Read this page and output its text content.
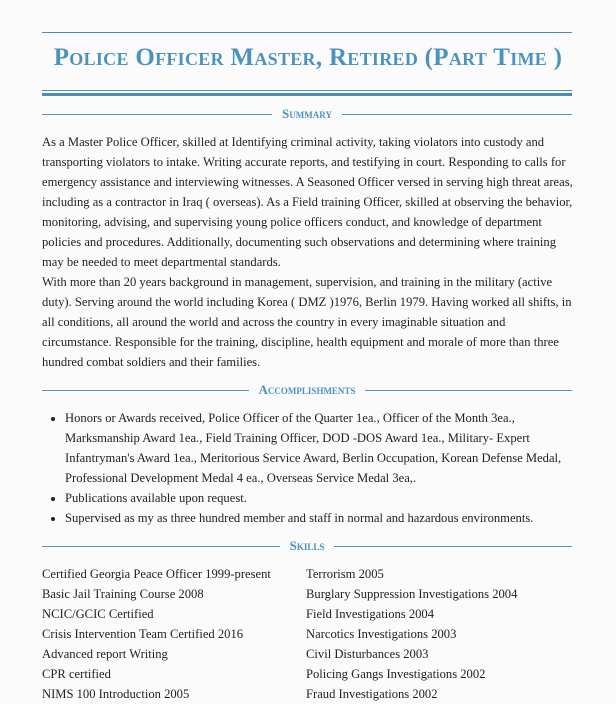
Police Officer Master, Retired (Part Time )
Summary

As a Master Police Officer, skilled at Identifying criminal activity, taking violators into custody and transporting violators to intake. Writing accurate reports, and testifying in court. Responding to calls for emergency assistance and interviewing witnesses. A Seasoned Officer versed in serving high threat areas, including as a contractor in Iraq ( overseas). As a Field training Officer, skilled at observing the behavior, monitoring, advising, and supervising young police officers conduct, and knowledge of department policies and procedures. Additionally, documenting such observations and determining where training may be needed to meet departmental standards.

With more than 20 years background in management, supervision, and training in the military (active duty). Serving around the world including Korea ( DMZ )1976, Berlin 1979. Having worked all shifts, in all conditions, all around the world and across the country in every imaginable situation and circumstance. Responsible for the training, discipline, health equipment and morale of more than three hundred combat soldiers and their families.

Accomplishments
• Honors or Awards received, Police Officer of the Quarter 1ea., Officer of the Month 3ea., Marksmanship Award 1ea., Field Training Officer, DOD -DOS Award 1ea., Military- Expert Infantryman's Award 1ea., Meritorious Service Award, Berlin Occupation, Korean Defense Medal, Professional Development Medal 4 ea., Overseas Service Medal 3ea,.
• Publications available upon request.
• Supervised as my as three hundred member and staff in normal and hazardous environments.
Skills
Certified Georgia Peace Officer 1999-present	Terrorism 2005
Basic Jail Training Course 2008	Burglary Suppression Investigations 2004
NCIC/GCIC Certified	Field Investigations 2004
Crisis Intervention Team Certified 2016	Narcotics Investigations 2003
Advanced report Writing	Civil Disturbances 2003
CPR certified	Policing Gangs Investigations 2002
NIMS 100 Introduction 2005	Fraud Investigations 2002
